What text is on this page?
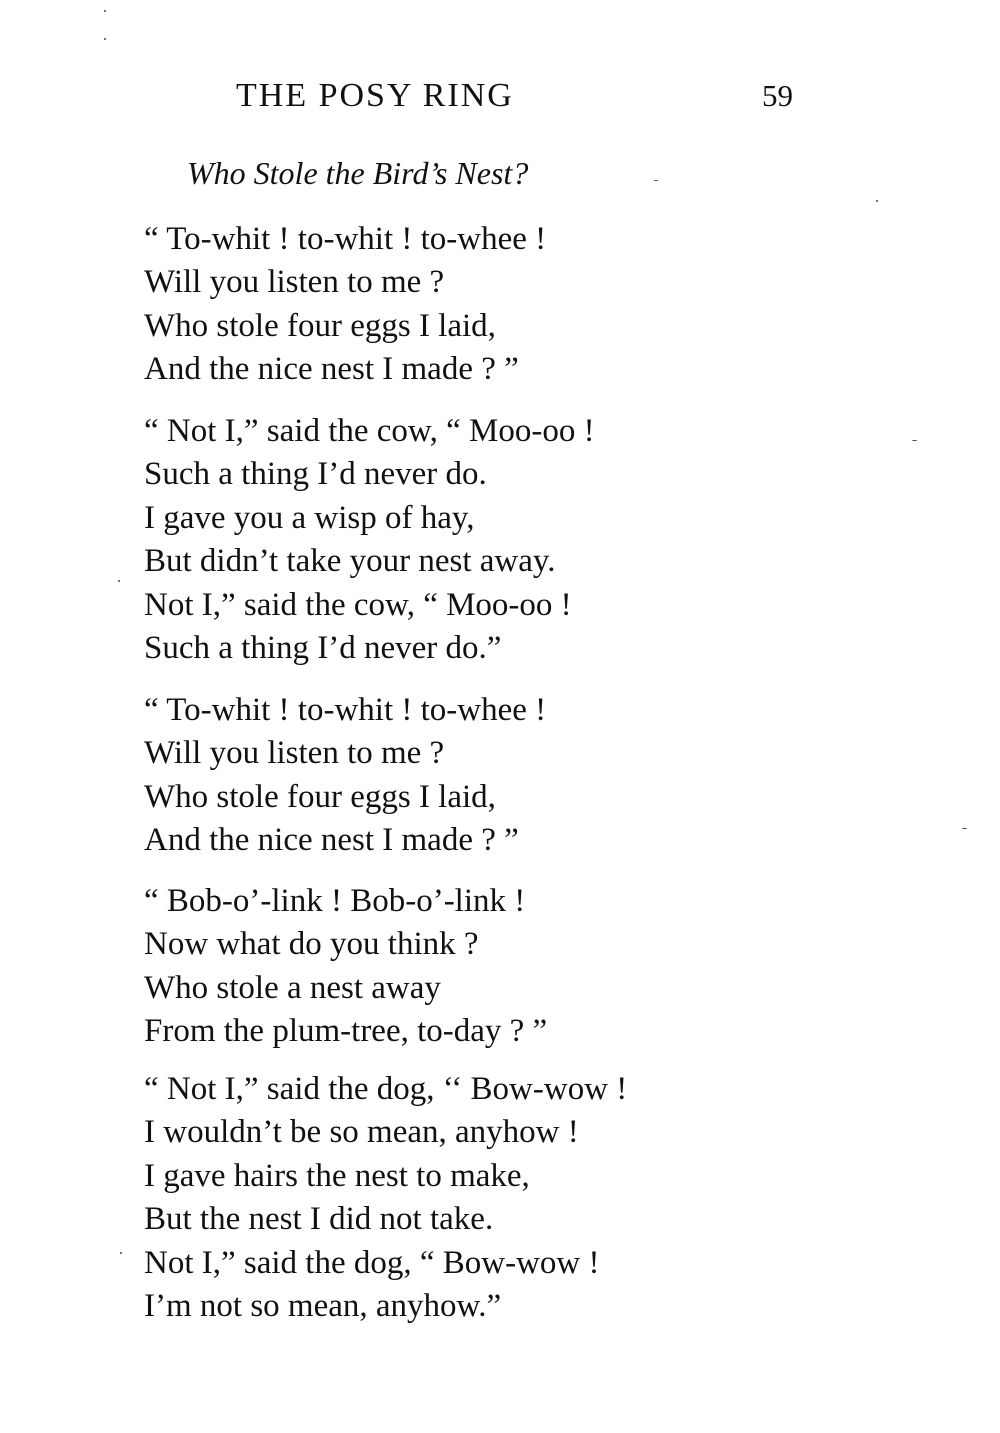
THE POSY RING	59
Who Stole the Bird’s Nest?
“ To-whit ! to-whit ! to-whee !
Will you listen to me ?
Who stole four eggs I laid,
And the nice nest I made ? ”
“ Not I,” said the cow, “ Moo-oo !
Such a thing I’d never do.
I gave you a wisp of hay,
But didn’t take your nest away.
Not I,” said the cow, “ Moo-oo !
Such a thing I’d never do.”
“ To-whit ! to-whit ! to-whee !
Will you listen to me ?
Who stole four eggs I laid,
And the nice nest I made ? ”
“ Bob-o’-link ! Bob-o’-link !
Now what do you think ?
Who stole a nest away
From the plum-tree, to-day ? ”
“ Not I,” said the dog, ‘‘ Bow-wow !
I wouldn’t be so mean, anyhow !
I gave hairs the nest to make,
But the nest I did not take.
Not I,” said the dog, “ Bow-wow !
I’m not so mean, anyhow.”
